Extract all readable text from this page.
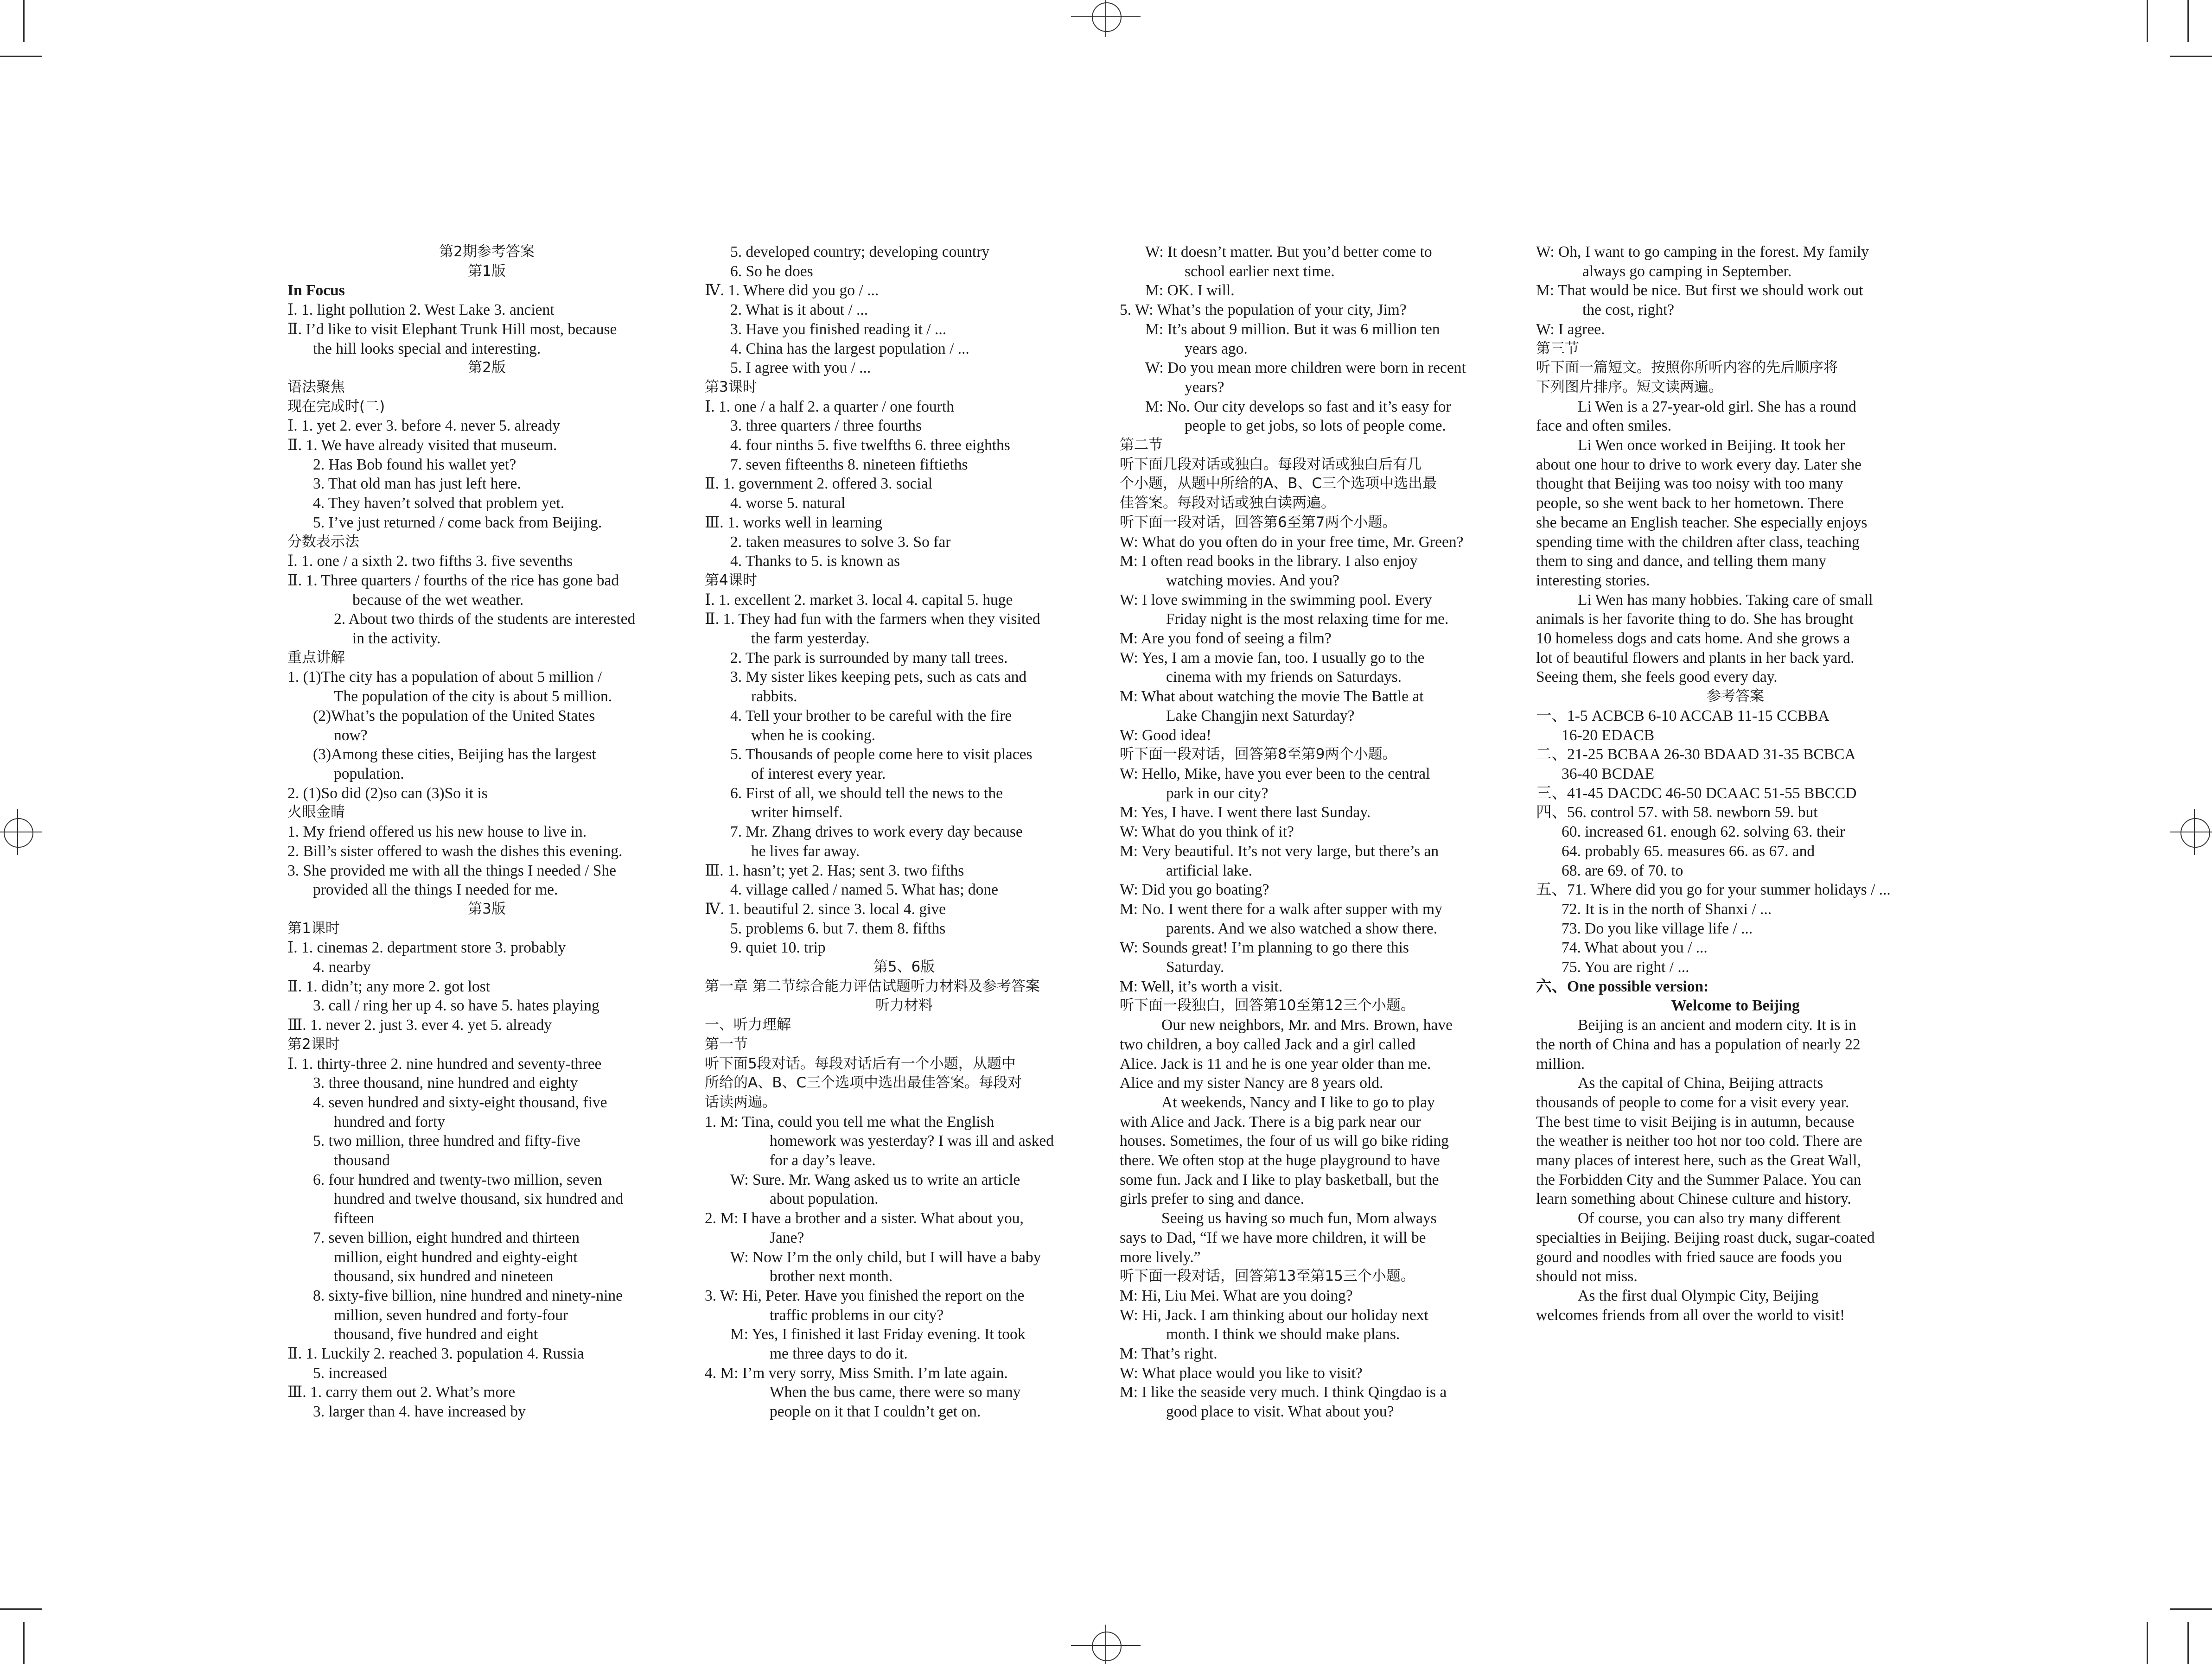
第2期参考答案
第1版
In Focus
Ⅰ. 1. light pollution 2. West Lake 3. ancient
Ⅱ. I’d like to visit Elephant Trunk Hill most, because
the hill looks special and interesting.
第2版
语法聚焦
现在完成时(二)
Ⅰ. 1. yet 2. ever 3. before 4. never 5. already
Ⅱ. 1. We have already visited that museum.
2. Has Bob found his wallet yet?
3. That old man has just left here.
4. They haven’t solved that problem yet.
5. I’ve just returned / come back from Beijing.
分数表示法
Ⅰ. 1. one / a sixth 2. two fifths 3. five sevenths
Ⅱ. 1. Three quarters / fourths of the rice has gone bad
because of the wet weather.
2. About two thirds of the students are interested
in the activity.
重点讲解
1. (1)The city has a population of about 5 million /
The population of the city is about 5 million.
(2)What’s the population of the United States
now?
(3)Among these cities, Beijing has the largest
population.
2. (1)So did (2)so can (3)So it is
火眼金睛
1. My friend offered us his new house to live in.
2. Bill’s sister offered to wash the dishes this evening.
3. She provided me with all the things I needed / She
provided all the things I needed for me.
第3版
第1课时
Ⅰ. 1. cinemas 2. department store 3. probably
4. nearby
Ⅱ. 1. didn’t; any more 2. got lost
3. call / ring her up 4. so have 5. hates playing
Ⅲ. 1. never 2. just 3. ever 4. yet 5. already
第2课时
Ⅰ. 1. thirty-three 2. nine hundred and seventy-three
3. three thousand, nine hundred and eighty
4. seven hundred and sixty-eight thousand, five
hundred and forty
5. two million, three hundred and fifty-five
thousand
6. four hundred and twenty-two million, seven
hundred and twelve thousand, six hundred and
fifteen
7. seven billion, eight hundred and thirteen
million, eight hundred and eighty-eight
thousand, six hundred and nineteen
8. sixty-five billion, nine hundred and ninety-nine
million, seven hundred and forty-four
thousand, five hundred and eight
Ⅱ. 1. Luckily 2. reached 3. population 4. Russia
5. increased
Ⅲ. 1. carry them out 2. What’s more
3. larger than 4. have increased by
5. developed country; developing country
6. So he does
Ⅳ. 1. Where did you go / ...
2. What is it about / ...
3. Have you finished reading it / ...
4. China has the largest population / ...
5. I agree with you / ...
第3课时
Ⅰ. 1. one / a half 2. a quarter / one fourth
3. three quarters / three fourths
4. four ninths 5. five twelfths 6. three eighths
7. seven fifteenths 8. nineteen fiftieths
Ⅱ. 1. government 2. offered 3. social
4. worse 5. natural
Ⅲ. 1. works well in learning
2. taken measures to solve 3. So far
4. Thanks to 5. is known as
第4课时
Ⅰ. 1. excellent 2. market 3. local 4. capital 5. huge
Ⅱ. 1. They had fun with the farmers when they visited
the farm yesterday.
2. The park is surrounded by many tall trees.
3. My sister likes keeping pets, such as cats and
rabbits.
4. Tell your brother to be careful with the fire
when he is cooking.
5. Thousands of people come here to visit places
of interest every year.
6. First of all, we should tell the news to the
writer himself.
7. Mr. Zhang drives to work every day because
he lives far away.
Ⅲ. 1. hasn’t; yet 2. Has; sent 3. two fifths
4. village called / named 5. What has; done
Ⅳ. 1. beautiful 2. since 3. local 4. give
5. problems 6. but 7. them 8. fifths
9. quiet 10. trip
第5、6版
第一章 第二节综合能力评估试题听力材料及参考答案
听力材料
一、听力理解
第一节
听下面5段对话。每段对话后有一个小题，从题中
所给的A、B、C三个选项中选出最佳答案。每段对
话读两遍。
1. M: Tina, could you tell me what the English
homework was yesterday? I was ill and asked
for a day’s leave.
W: Sure. Mr. Wang asked us to write an article
about population.
2. M: I have a brother and a sister. What about you,
Jane?
W: Now I’m the only child, but I will have a baby
brother next month.
3. W: Hi, Peter. Have you finished the report on the
traffic problems in our city?
M: Yes, I finished it last Friday evening. It took
me three days to do it.
4. M: I’m very sorry, Miss Smith. I’m late again.
When the bus came, there were so many
people on it that I couldn’t get on.
W: It doesn’t matter. But you’d better come to
school earlier next time.
M: OK. I will.
5. W: What’s the population of your city, Jim?
M: It’s about 9 million. But it was 6 million ten
years ago.
W: Do you mean more children were born in recent
years?
M: No. Our city develops so fast and it’s easy for
people to get jobs, so lots of people come.
第二节
听下面几段对话或独白。每段对话或独白后有几
个小题，从题中所给的A、B、C三个选项中选出最
佳答案。每段对话或独白读两遍。
听下面一段对话，回答第6至第7两个小题。
W: What do you often do in your free time, Mr. Green?
M: I often read books in the library. I also enjoy
watching movies. And you?
W: I love swimming in the swimming pool. Every
Friday night is the most relaxing time for me.
M: Are you fond of seeing a film?
W: Yes, I am a movie fan, too. I usually go to the
cinema with my friends on Saturdays.
M: What about watching the movie The Battle at
Lake Changjin next Saturday?
W: Good idea!
听下面一段对话，回答第8至第9两个小题。
W: Hello, Mike, have you ever been to the central
park in our city?
M: Yes, I have. I went there last Sunday.
W: What do you think of it?
M: Very beautiful. It’s not very large, but there’s an
artificial lake.
W: Did you go boating?
M: No. I went there for a walk after supper with my
parents. And we also watched a show there.
W: Sounds great! I’m planning to go there this
Saturday.
M: Well, it’s worth a visit.
听下面一段独白，回答第10至第12三个小题。
Our new neighbors, Mr. and Mrs. Brown, have
two children, a boy called Jack and a girl called
Alice. Jack is 11 and he is one year older than me.
Alice and my sister Nancy are 8 years old.
At weekends, Nancy and I like to go to play
with Alice and Jack. There is a big park near our
houses. Sometimes, the four of us will go bike riding
there. We often stop at the huge playground to have
some fun. Jack and I like to play basketball, but the
girls prefer to sing and dance.
Seeing us having so much fun, Mom always
says to Dad, “If we have more children, it will be
more lively.”
听下面一段对话，回答第13至第15三个小题。
M: Hi, Liu Mei. What are you doing?
W: Hi, Jack. I am thinking about our holiday next
month. I think we should make plans.
M: That’s right.
W: What place would you like to visit?
M: I like the seaside very much. I think Qingdao is a
good place to visit. What about you?
W: Oh, I want to go camping in the forest. My family
always go camping in September.
M: That would be nice. But first we should work out
the cost, right?
W: I agree.
第三节
听下面一篇短文。按照你所听内容的先后顺序将
下列图片排序。短文读两遍。
Li Wen is a 27-year-old girl. She has a round
face and often smiles.
Li Wen once worked in Beijing. It took her
about one hour to drive to work every day. Later she
thought that Beijing was too noisy with too many
people, so she went back to her hometown. There
she became an English teacher. She especially enjoys
spending time with the children after class, teaching
them to sing and dance, and telling them many
interesting stories.
Li Wen has many hobbies. Taking care of small
animals is her favorite thing to do. She has brought
10 homeless dogs and cats home. And she grows a
lot of beautiful flowers and plants in her back yard.
Seeing them, she feels good every day.
参考答案
一、1-5 ACBCB 6-10 ACCAB 11-15 CCBBA
16-20 EDACB
二、21-25 BCBAA 26-30 BDAAD 31-35 BCBCA
36-40 BCDAE
三、41-45 DACDC 46-50 DCAAC 51-55 BBCCD
四、56. control 57. with 58. newborn 59. but
60. increased 61. enough 62. solving 63. their
64. probably 65. measures 66. as 67. and
68. are 69. of 70. to
五、71. Where did you go for your summer holidays / ...
72. It is in the north of Shanxi / ...
73. Do you like village life / ...
74. What about you / ...
75. You are right / ...
六、One possible version:
Welcome to Beijing
Beijing is an ancient and modern city. It is in
the north of China and has a population of nearly 22
million.
As the capital of China, Beijing attracts
thousands of people to come for a visit every year.
The best time to visit Beijing is in autumn, because
the weather is neither too hot nor too cold. There are
many places of interest here, such as the Great Wall,
the Forbidden City and the Summer Palace. You can
learn something about Chinese culture and history.
Of course, you can also try many different
specialties in Beijing. Beijing roast duck, sugar-coated
gourd and noodles with fried sauce are foods you
should not miss.
As the first dual Olympic City, Beijing
welcomes friends from all over the world to visit!
